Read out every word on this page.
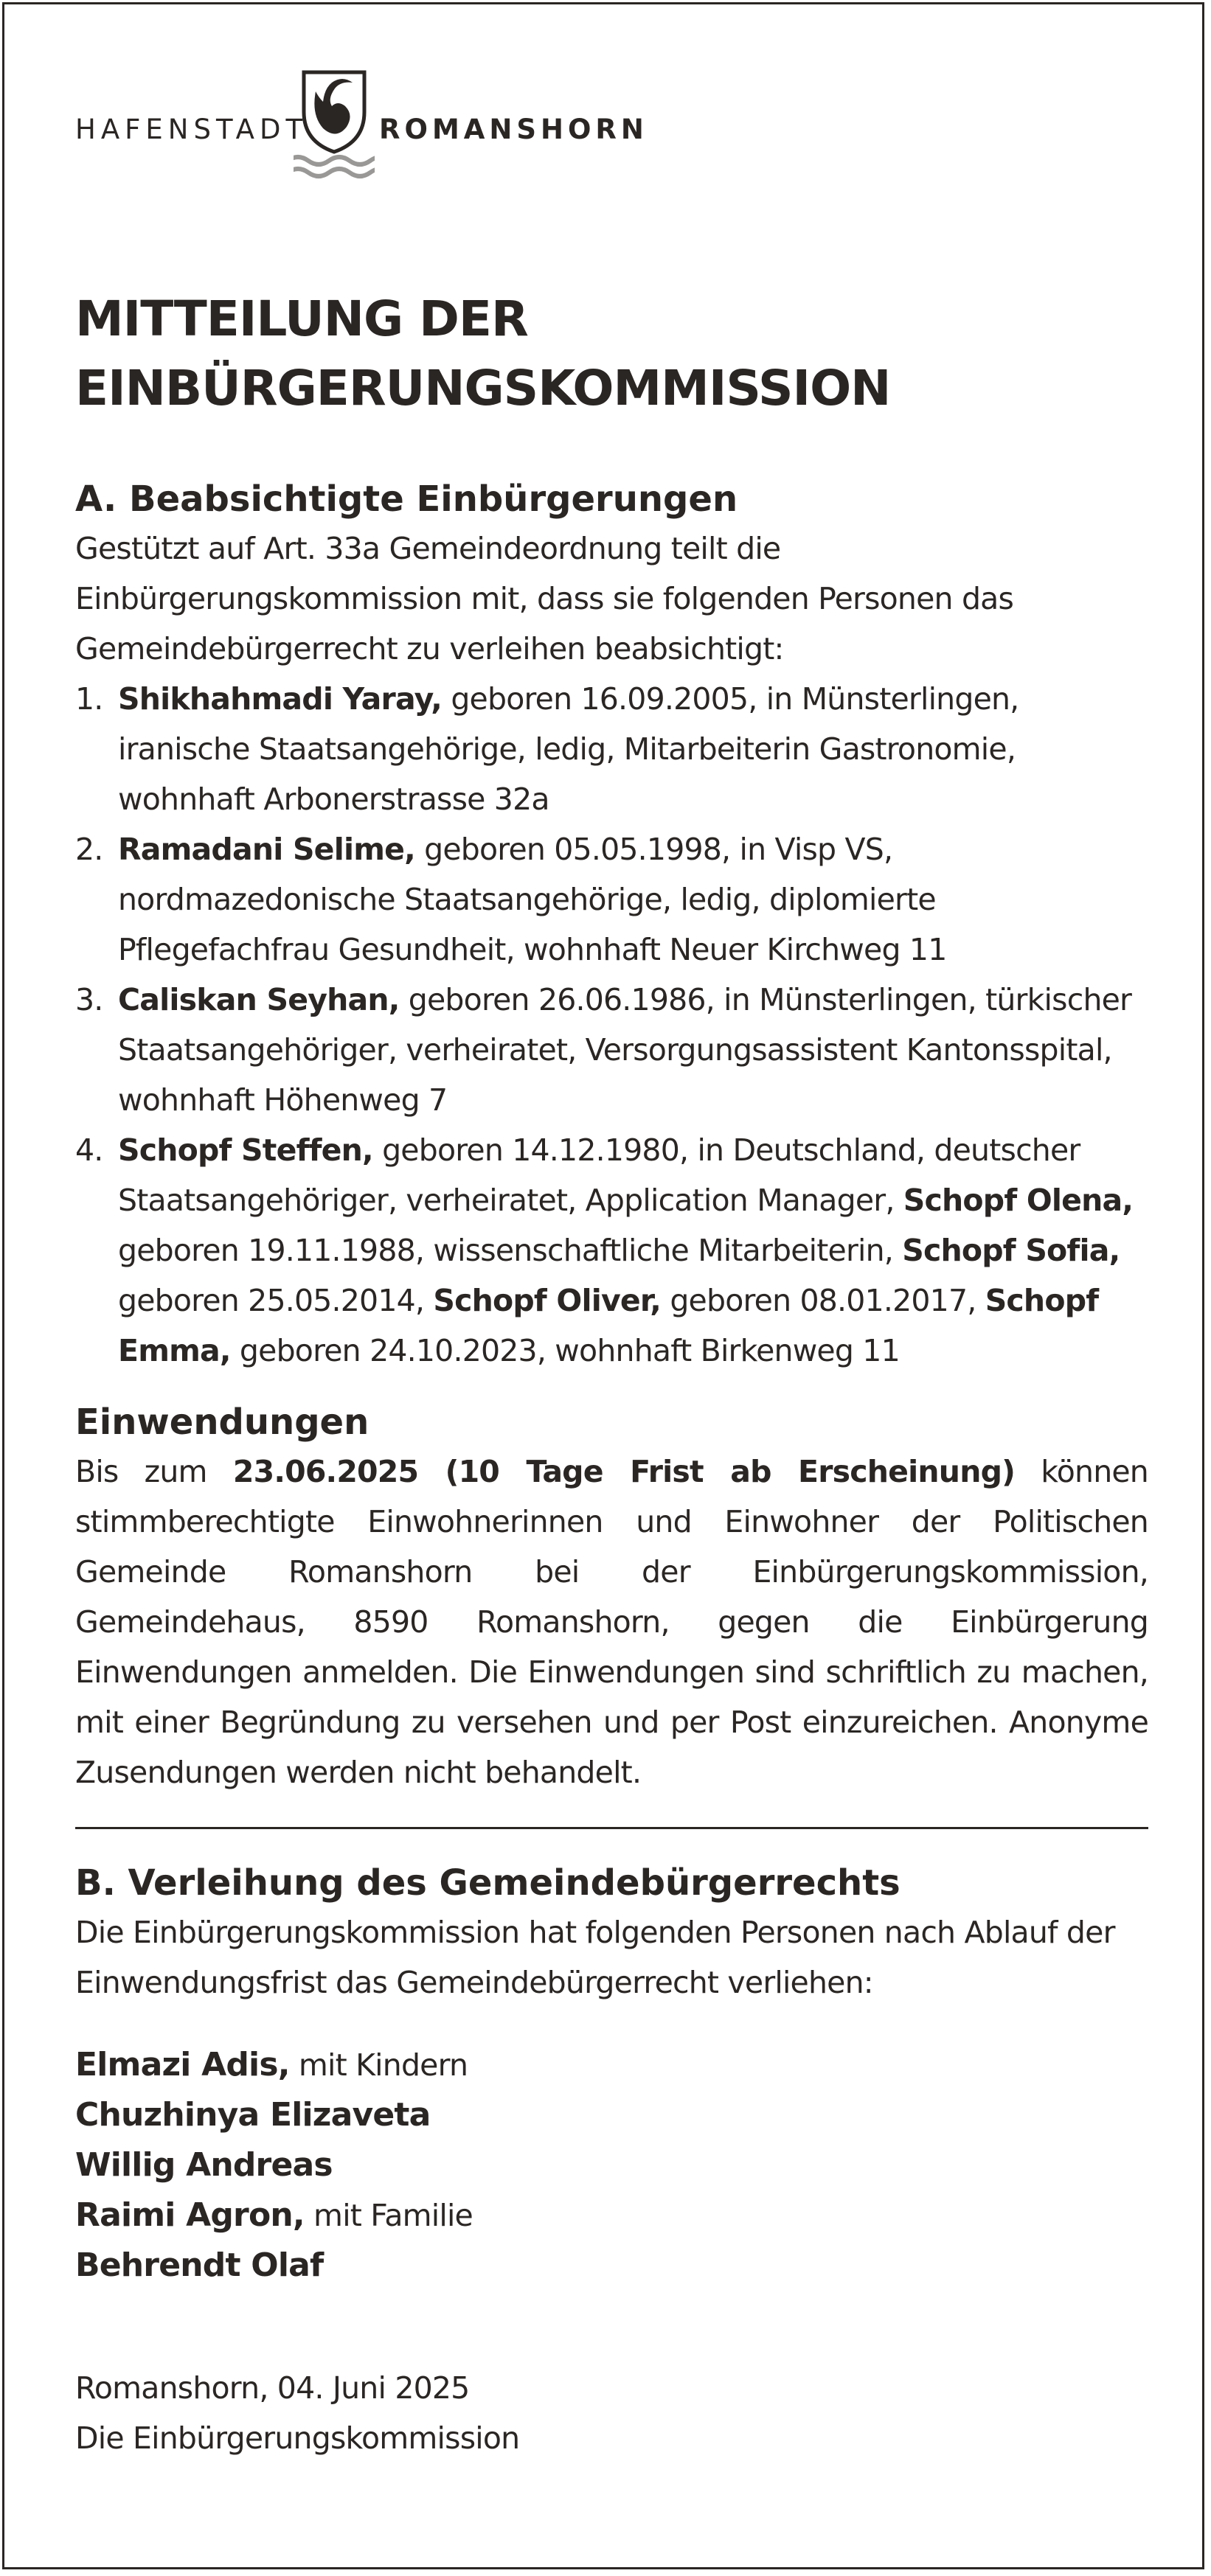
HAFENSTADT	ROMANSHORN
MITTEILUNG DER
EINBÜRGERUNGSKOMMISSION
A. Beabsichtigte Einbürgerungen

Gestützt auf Art. 33a Gemeindeordnung teilt die Einbürgerungskommission mit, dass sie folgenden Personen das Gemeindebürgerrecht zu verleihen beabsichtigt:

1. Shikhahmadi Yaray, geboren 16.09.2005, in Münsterlingen, iranische Staatsangehörige, ledig, Mitarbeiterin Gastronomie, wohnhaft Arbonerstrasse 32a
2. Ramadani Selime, geboren 05.05.1998, in Visp VS, nordmazedonische Staatsangehörige, ledig, diplomierte Pflegefachfrau Gesundheit, wohnhaft Neuer Kirchweg 11
3. Caliskan Seyhan, geboren 26.06.1986, in Münsterlingen, türkischer Staatsangehöriger, verheiratet, Versorgungsassistent Kantonsspital, wohnhaft Höhenweg 7
4. Schopf Steffen, geboren 14.12.1980, in Deutschland, deutscher Staatsangehöriger, verheiratet, Application Manager, Schopf Olena, geboren 19.11.1988, wissenschaftliche Mitarbeiterin, Schopf Sofia, geboren 25.05.2014, Schopf Oliver, geboren 08.01.2017, Schopf Emma, geboren 24.10.2023, wohnhaft Birkenweg 11
Einwendungen

Bis zum 23.06.2025 (10 Tage Frist ab Erscheinung) können stimmberechtigte Einwohnerinnen und Einwohner der Politischen Gemeinde Romanshorn bei der Einbürgerungskommission, Gemeindehaus, 8590 Romanshorn, gegen die Einbürgerung Einwendungen anmelden. Die Einwendungen sind schriftlich zu machen, mit einer Begründung zu versehen und per Post einzureichen. Anonyme Zusendungen werden nicht behandelt.

B. Verleihung des Gemeindebürgerrechts

Die Einbürgerungskommission hat folgenden Personen nach Ablauf der Einwendungsfrist das Gemeindebürgerrecht verliehen:

Elmazi Adis, mit Kindern
Chuzhinya Elizaveta
Willig Andreas
Raimi Agron, mit Familie
Behrendt Olaf

Romanshorn, 04. Juni 2025

Die Einbürgerungskommission
